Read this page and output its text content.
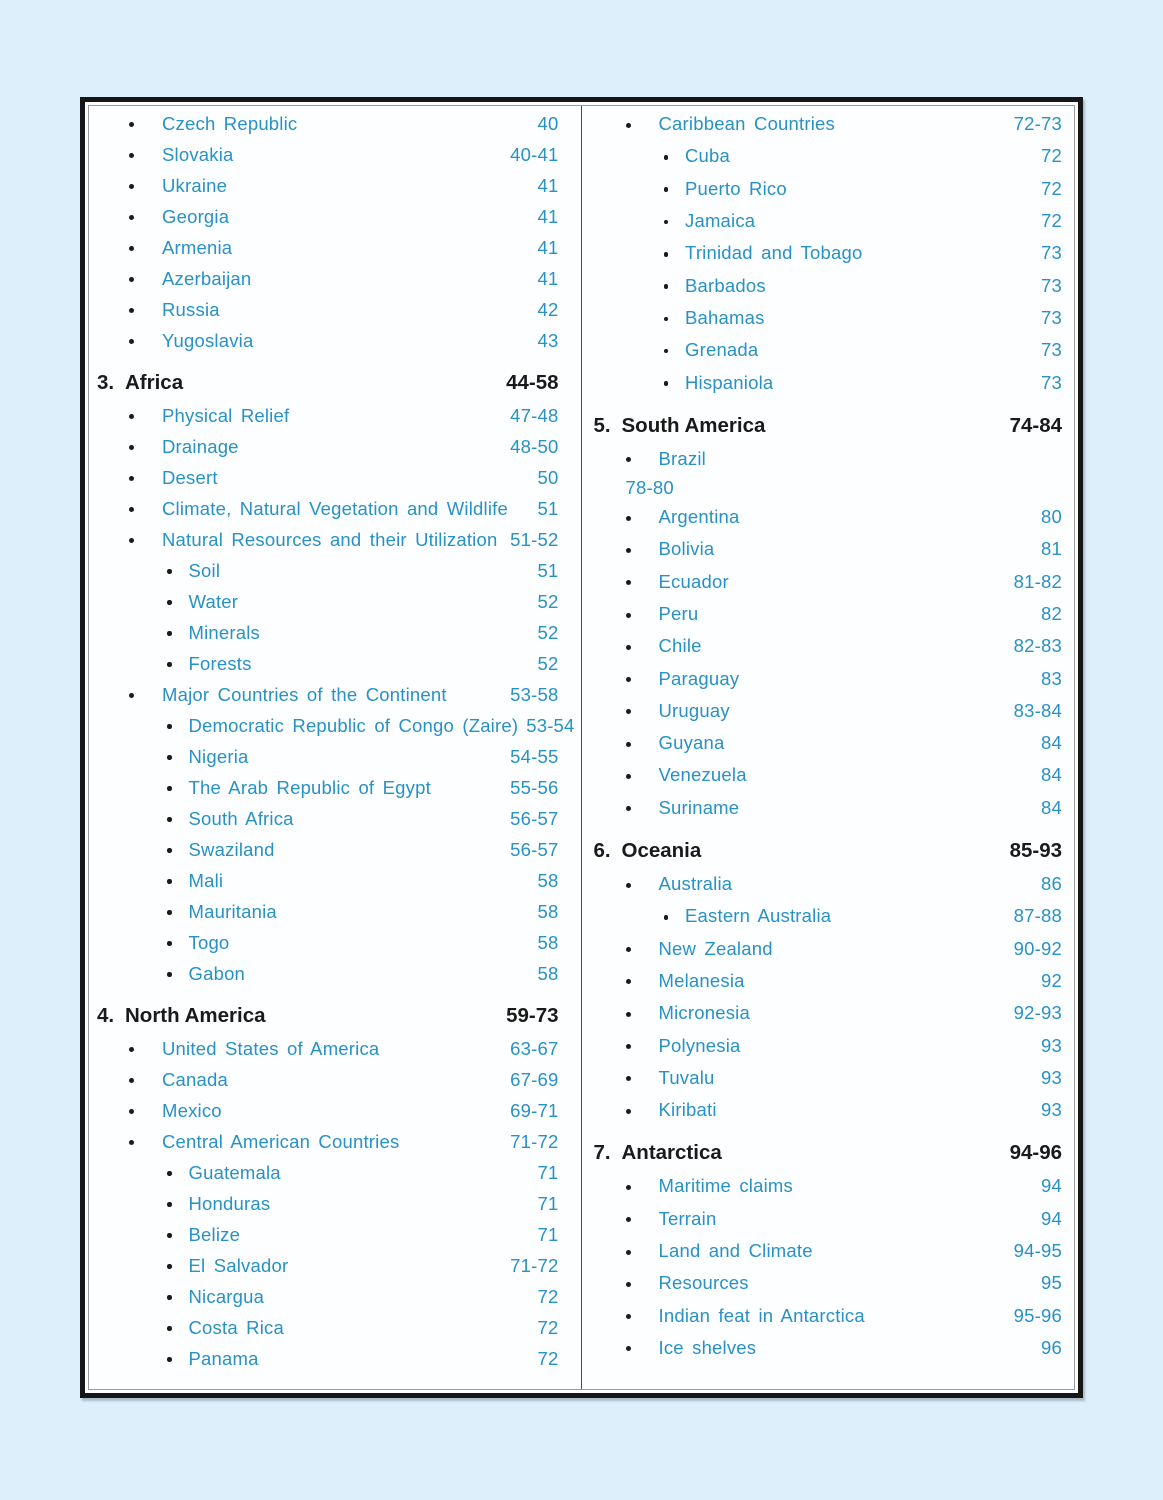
Czech Republic	40
Slovakia	40-41
Ukraine	41
Georgia	41
Armenia	41
Azerbaijan	41
Russia	42
Yugoslavia	43
3. Africa	44-58
Physical Relief	47-48
Drainage	48-50
Desert	50
Climate, Natural Vegetation and Wildlife	51
Natural Resources and their Utilization 51-52
Soil	51
Water	52
Minerals	52
Forests	52
Major Countries of the Continent	53-58
Democratic Republic of Congo (Zaire) 53-54
Nigeria	54-55
The Arab Republic of Egypt	55-56
South Africa	56-57
Swaziland	56-57
Mali	58
Mauritania	58
Togo	58
Gabon	58
4. North America	59-73
United States of America	63-67
Canada	67-69
Mexico	69-71
Central American Countries	71-72
Guatemala	71
Honduras	71
Belize	71
El Salvador	71-72
Nicargua	72
Costa Rica	72
Panama	72
Caribbean Countries	72-73
Cuba	72
Puerto Rico	72
Jamaica	72
Trinidad and Tobago	73
Barbados	73
Bahamas	73
Grenada	73
Hispaniola	73
5. South America	74-84
Brazil
78-80
Argentina	80
Bolivia	81
Ecuador	81-82
Peru	82
Chile	82-83
Paraguay	83
Uruguay	83-84
Guyana	84
Venezuela	84
Suriname	84
6. Oceania	85-93
Australia	86
Eastern Australia	87-88
New Zealand	90-92
Melanesia	92
Micronesia	92-93
Polynesia	93
Tuvalu	93
Kiribati	93
7. Antarctica	94-96
Maritime claims	94
Terrain	94
Land and Climate	94-95
Resources	95
Indian feat in Antarctica	95-96
Ice shelves	96
